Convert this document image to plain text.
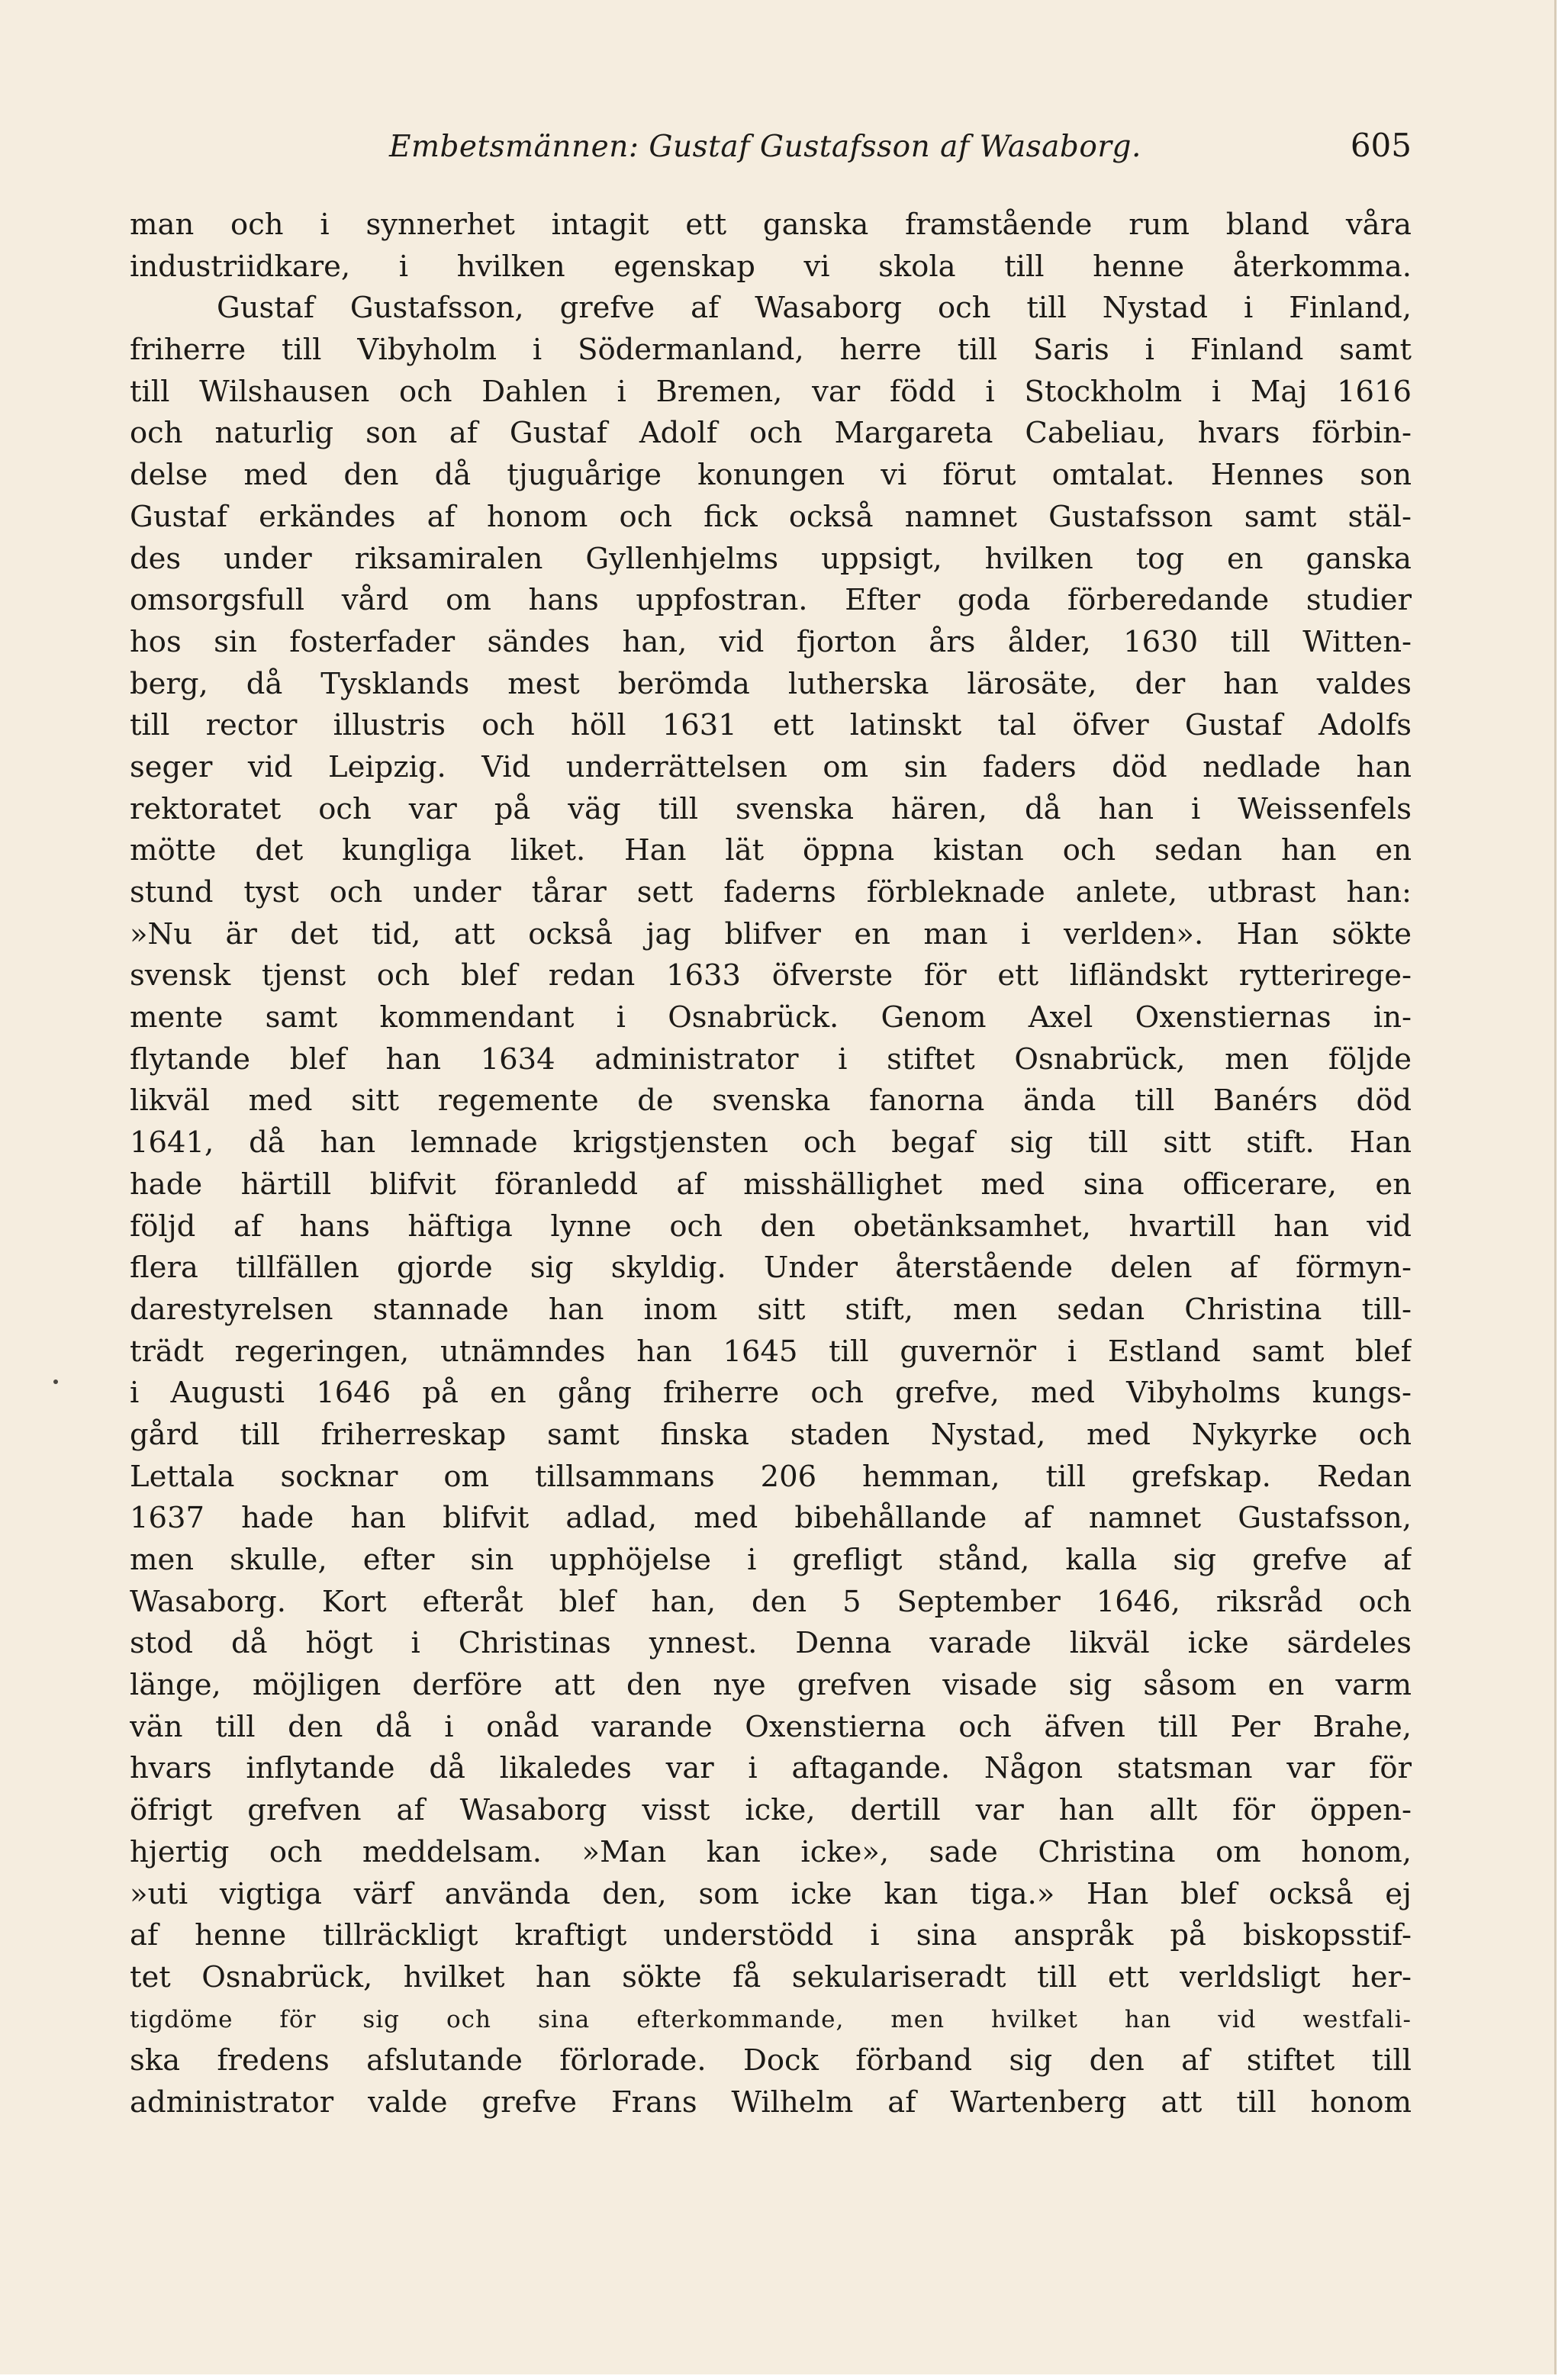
Embetsmännen: Gustaf Gustafsson af Wasaborg.	605
man och i synnerhet intagit ett ganska framstående rum bland våra
industriidkare, i hvilken egenskap vi skola till henne återkomma.
Gustaf Gustafsson, grefve af Wasaborg och till Nystad i Finland,
friherre till Vibyholm i Södermanland, herre till Saris i Finland samt
till Wilshausen och Dahlen i Bremen, var född i Stockholm i Maj 1616
och naturlig son af Gustaf Adolf och Margareta Cabeliau, hvars förbin-
delse med den då tjuguårige konungen vi förut omtalat. Hennes son
Gustaf erkändes af honom och fick också namnet Gustafsson samt stäl-
des under riksamiralen Gyllenhjelms uppsigt, hvilken tog en ganska
omsorgsfull vård om hans uppfostran. Efter goda förberedande studier
hos sin fosterfader sändes han, vid fjorton års ålder, 1630 till Witten-
berg, då Tysklands mest berömda lutherska lärosäte, der han valdes
till rector illustris och höll 1631 ett latinskt tal öfver Gustaf Adolfs
seger vid Leipzig. Vid underrättelsen om sin faders död nedlade han
rektoratet och var på väg till svenska hären, då han i Weissenfels
mötte det kungliga liket. Han lät öppna kistan och sedan han en
stund tyst och under tårar sett faderns förbleknade anlete, utbrast han:
»Nu är det tid, att också jag blifver en man i verlden». Han sökte
svensk tjenst och blef redan 1633 öfverste för ett lifländskt rytterirege-
mente samt kommendant i Osnabrück. Genom Axel Oxenstiernas in-
flytande blef han 1634 administrator i stiftet Osnabrück, men följde
likväl med sitt regemente de svenska fanorna ända till Banérs död
1641, då han lemnade krigstjensten och begaf sig till sitt stift. Han
hade härtill blifvit föranledd af misshällighet med sina officerare, en
följd af hans häftiga lynne och den obetänksamhet, hvartill han vid
flera tillfällen gjorde sig skyldig. Under återstående delen af förmyn-
darestyrelsen stannade han inom sitt stift, men sedan Christina till-
trädt regeringen, utnämndes han 1645 till guvernör i Estland samt blef
i Augusti 1646 på en gång friherre och grefve, med Vibyholms kungs-
gård till friherreskap samt finska staden Nystad, med Nykyrke och
Lettala socknar om tillsammans 206 hemman, till grefskap. Redan
1637 hade han blifvit adlad, med bibehållande af namnet Gustafsson,
men skulle, efter sin upphöjelse i grefligt stånd, kalla sig grefve af
Wasaborg. Kort efteråt blef han, den 5 September 1646, riksråd och
stod då högt i Christinas ynnest. Denna varade likväl icke särdeles
länge, möjligen derföre att den nye grefven visade sig såsom en varm
vän till den då i onåd varande Oxenstierna och äfven till Per Brahe,
hvars inflytande då likaledes var i aftagande. Någon statsman var för
öfrigt grefven af Wasaborg visst icke, dertill var han allt för öppen-
hjertig och meddelsam. »Man kan icke», sade Christina om honom,
»uti vigtiga värf använda den, som icke kan tiga.» Han blef också ej
af henne tillräckligt kraftigt understödd i sina anspråk på biskopsstif-
tet Osnabrück, hvilket han sökte få sekulariseradt till ett verldsligt her-
tigdöme för sig och sina efterkommande, men hvilket han vid westfali-
ska fredens afslutande förlorade. Dock förband sig den af stiftet till
administrator valde grefve Frans Wilhelm af Wartenberg att till honom
